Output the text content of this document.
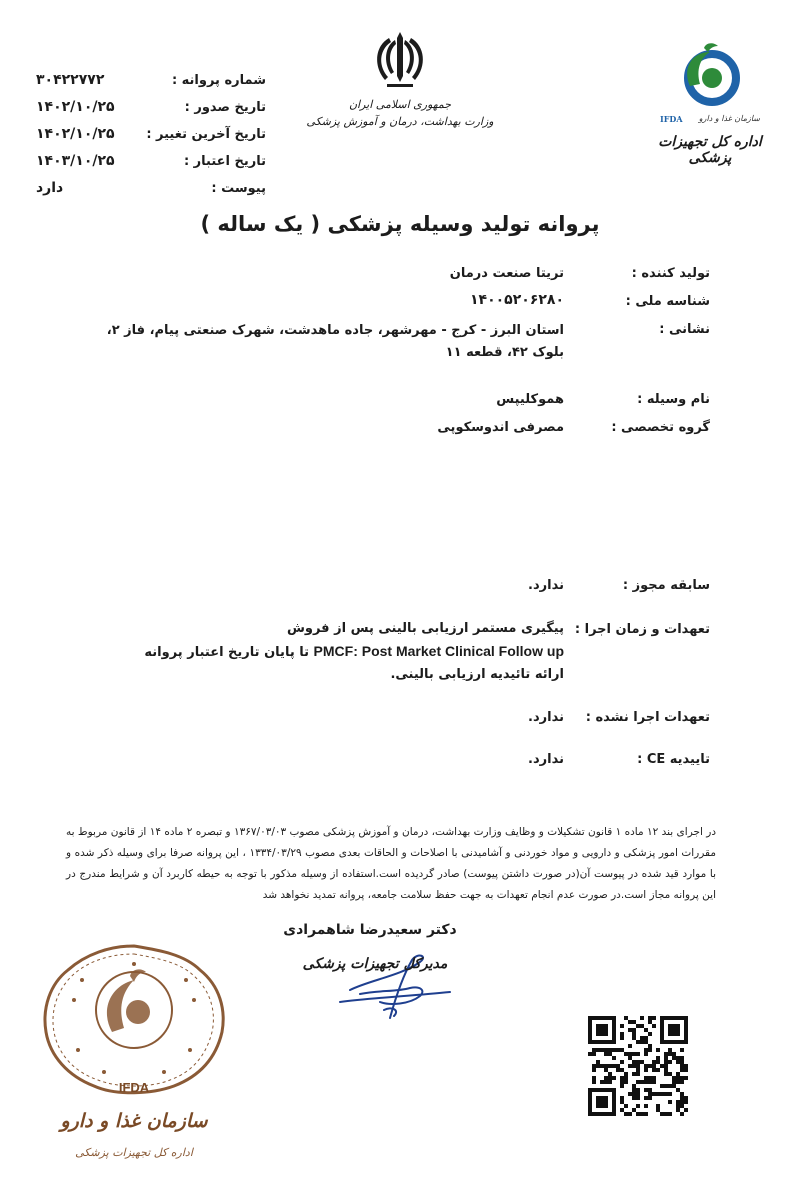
شماره پروانه :
۳۰۴۲۲۷۷۲
تاریخ صدور :
۱۴۰۲/۱۰/۲۵
تاریخ آخرین تغییر :
۱۴۰۲/۱۰/۲۵
تاریخ اعتبار :
۱۴۰۳/۱۰/۲۵
پیوست :
دارد
جمهوری اسلامی ایران
وزارت بهداشت، درمان و آموزش پزشکی	سازمان غذا و دارو
IFDA
اداره کل تجهیزات پزشکی
پروانه تولید وسیله پزشکی ( یک ساله )
تولید کننده :
تریتا صنعت درمان
شناسه ملی :
۱۴۰۰۵۲۰۶۲۸۰
نشانی :
استان البرز - کرج - مهرشهر، جاده ماهدشت، شهرک صنعتی پیام، فاز ۲، بلوک ۴۲، قطعه ۱۱
نام وسیله :
هموکلیپس
گروه تخصصی :
مصرفی اندوسکوپی
سابقه مجوز :
ندارد.
تعهدات و زمان اجرا :
پیگیری مستمر ارزیابی بالینی پس از فروش
PMCF: Post Market Clinical Follow up تا پایان تاریخ اعتبار پروانه
ارائه تائیدیه ارزیابی بالینی.
تعهدات اجرا نشده :
ندارد.
تاییدیه CE :
ندارد.
در اجرای بند ۱۲ ماده ۱ قانون تشکیلات و وظایف وزارت بهداشت، درمان و آموزش پزشکی مصوب ۱۳۶۷/۰۳/۰۳ و تبصره ۲ ماده ۱۴ از قانون مربوط به مقررات امور پزشکی و دارویی و مواد خوردنی و آشامیدنی با اصلاحات و الحاقات بعدی مصوب ۱۳۳۴/۰۳/۲۹ ، این پروانه صرفا برای وسیله ذکر شده و با موارد قید شده در پیوست آن(در صورت داشتن پیوست) صادر گردیده است.استفاده از وسیله مذکور با توجه به حیطه کاربرد آن و شرایط مندرج در این پروانه مجاز است.در صورت عدم انجام تعهدات به جهت حفظ سلامت جامعه، پروانه تمدید نخواهد شد
دکتر سعیدرضا شاهمرادی
مدیرکل تجهیزات پزشکی
IFDA
سازمان غذا و دارو
اداره کل تجهیزات پزشکی
